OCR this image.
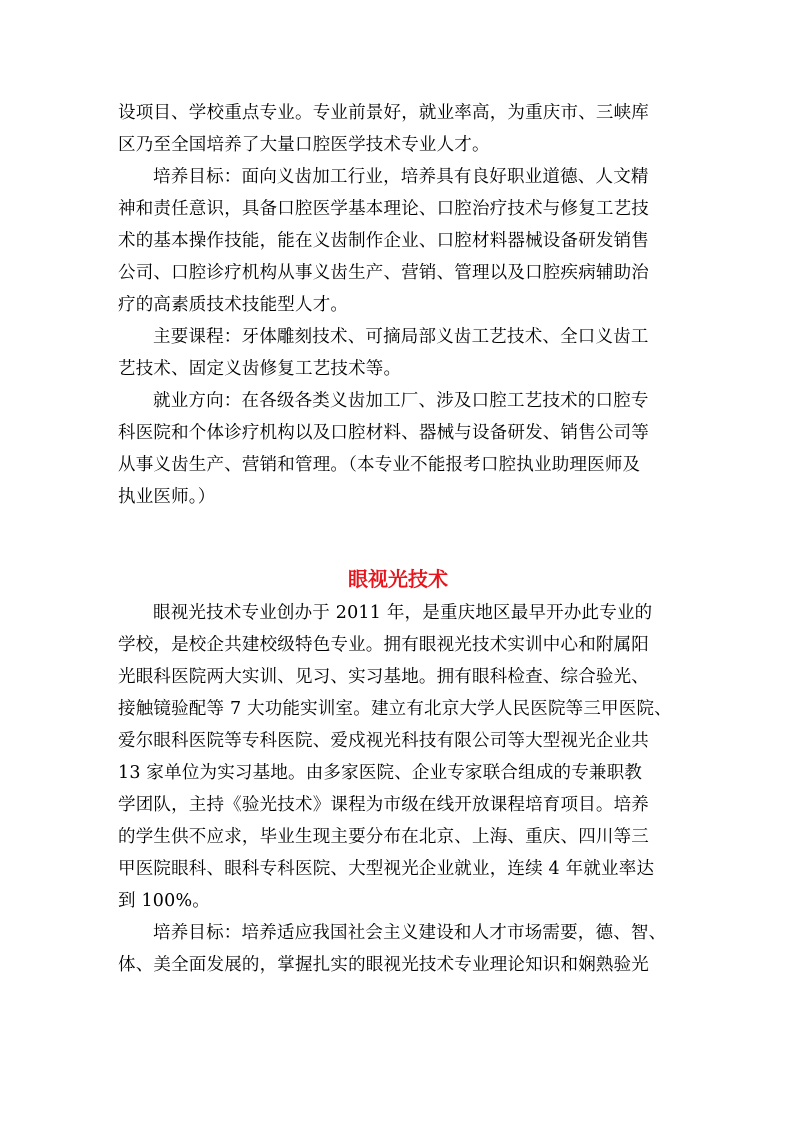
设项目、学校重点专业。专业前景好，就业率高，为重庆市、三峡库
区乃至全国培养了大量口腔医学技术专业人才。
培养目标：面向义齿加工行业，培养具有良好职业道德、人文精
神和责任意识，具备口腔医学基本理论、口腔治疗技术与修复工艺技
术的基本操作技能，能在义齿制作企业、口腔材料器械设备研发销售
公司、口腔诊疗机构从事义齿生产、营销、管理以及口腔疾病辅助治
疗的高素质技术技能型人才。
主要课程：牙体雕刻技术、可摘局部义齿工艺技术、全口义齿工
艺技术、固定义齿修复工艺技术等。
就业方向：在各级各类义齿加工厂、涉及口腔工艺技术的口腔专
科医院和个体诊疗机构以及口腔材料、器械与设备研发、销售公司等
从事义齿生产、营销和管理。（本专业不能报考口腔执业助理医师及
执业医师。）
眼视光技术
眼视光技术专业创办于 2011 年，是重庆地区最早开办此专业的
学校，是校企共建校级特色专业。拥有眼视光技术实训中心和附属阳
光眼科医院两大实训、见习、实习基地。拥有眼科检查、综合验光、
接触镜验配等 7 大功能实训室。建立有北京大学人民医院等三甲医院、
爱尔眼科医院等专科医院、爱戍视光科技有限公司等大型视光企业共
13 家单位为实习基地。由多家医院、企业专家联合组成的专兼职教
学团队，主持《验光技术》课程为市级在线开放课程培育项目。培养
的学生供不应求，毕业生现主要分布在北京、上海、重庆、四川等三
甲医院眼科、眼科专科医院、大型视光企业就业，连续 4 年就业率达
到 100%。
培养目标：培养适应我国社会主义建设和人才市场需要，德、智、
体、美全面发展的，掌握扎实的眼视光技术专业理论知识和娴熟验光
